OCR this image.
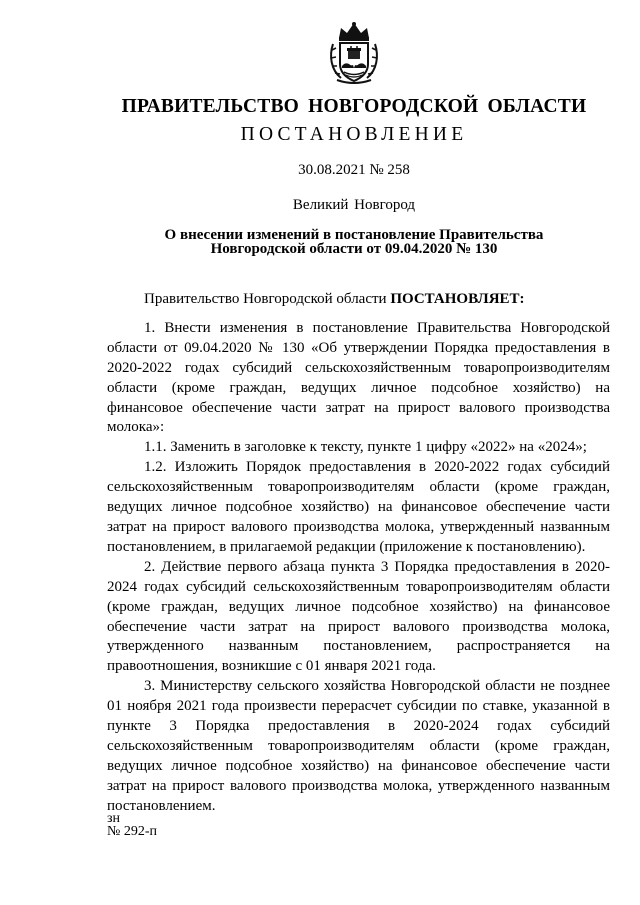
ПРАВИТЕЛЬСТВО НОВГОРОДСКОЙ ОБЛАСТИ
ПОСТАНОВЛЕНИЕ
30.08.2021 № 258
Великий Новгород
О внесении изменений в постановление Правительства
Новгородской области от 09.04.2020 № 130

Правительство Новгородской области ПОСТАНОВЛЯЕТ:

1. Внести изменения в постановление Правительства Новгородской области от 09.04.2020 № 130 «Об утверждении Порядка предоставления в 2020-2022 годах субсидий сельскохозяйственным товаропроизводителям области (кроме граждан, ведущих личное подсобное хозяйство) на финансовое обеспечение части затрат на прирост валового производства молока»:

1.1. Заменить в заголовке к тексту, пункте 1 цифру «2022» на «2024»;

1.2. Изложить Порядок предоставления в 2020-2022 годах субсидий сельскохозяйственным товаропроизводителям области (кроме граждан, ведущих личное подсобное хозяйство) на финансовое обеспечение части затрат на прирост валового производства молока, утвержденный названным постановлением, в прилагаемой редакции (приложение к постановлению).

2. Действие первого абзаца пункта 3 Порядка предоставления в 2020-2024 годах субсидий сельскохозяйственным товаропроизводителям области (кроме граждан, ведущих личное подсобное хозяйство) на финансовое обеспечение части затрат на прирост валового производства молока, утвержденного названным постановлением, распространяется на правоотношения, возникшие с 01 января 2021 года.

3. Министерству сельского хозяйства Новгородской области не позднее 01 ноября 2021 года произвести перерасчет субсидии по ставке, указанной в пункте 3 Порядка предоставления в 2020-2024 годах субсидий сельскохозяйственным товаропроизводителям области (кроме граждан, ведущих личное подсобное хозяйство) на финансовое обеспечение части затрат на прирост валового производства молока, утвержденного названным постановлением.

зн
№ 292-п
